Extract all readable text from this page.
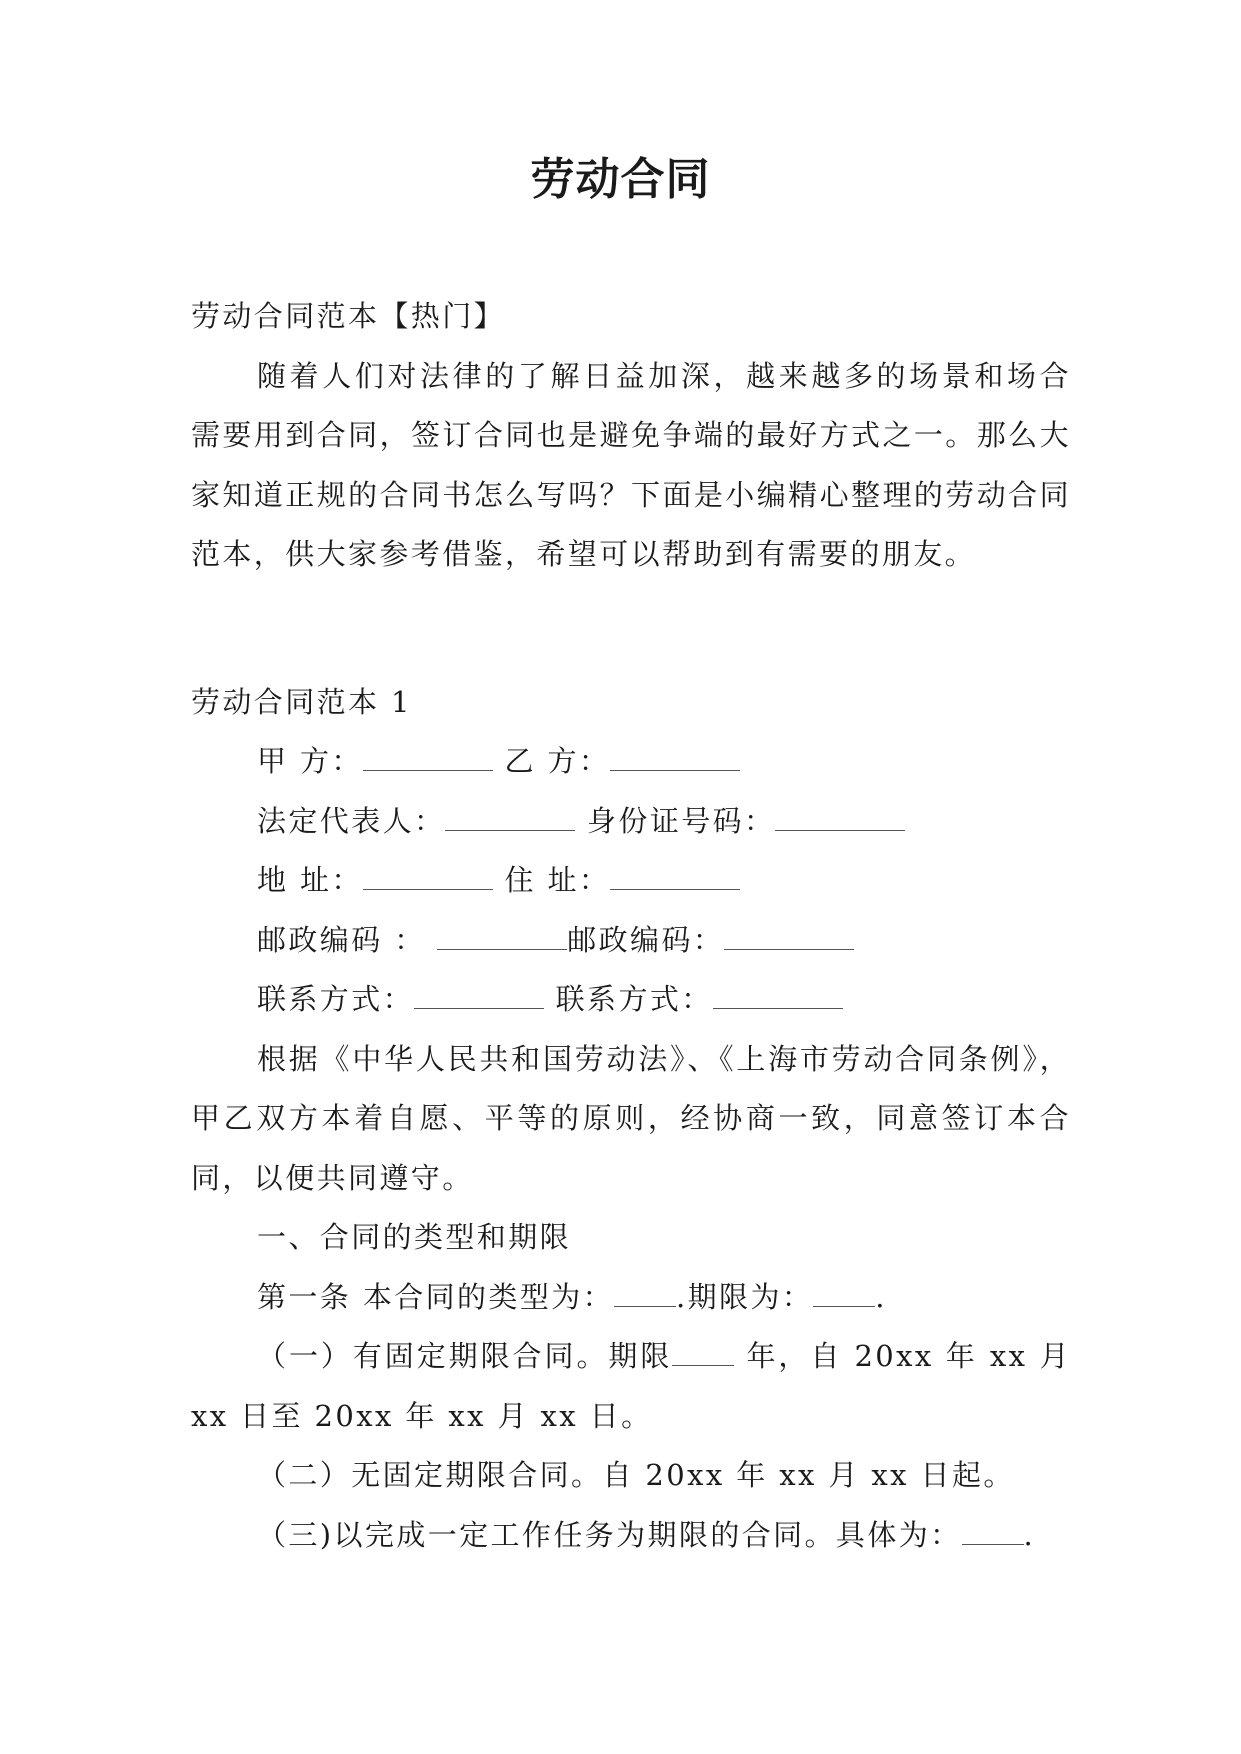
劳动合同

劳动合同范本【热门】

随着人们对法律的了解日益加深，越来越多的场景和场合需要用到合同，签订合同也是避免争端的最好方式之一。那么大家知道正规的合同书怎么写吗？下面是小编精心整理的劳动合同范本，供大家参考借鉴，希望可以帮助到有需要的朋友。

劳动合同范本 1

甲 方：	乙 方：

法定代表人：	身份证号码：

地 址：	住 址：

邮政编码 ：	邮政编码：

联系方式：	联系方式：

根据《中华人民共和国劳动法》、《上海市劳动合同条例》，甲乙双方本着自愿、平等的原则，经协商一致，同意签订本合同，以便共同遵守。

一、合同的类型和期限

第一条 本合同的类型为： .期限为： .

（一）有固定期限合同。期限 年，自 20xx 年 xx 月 xx 日至 20xx 年 xx 月 xx 日。

（二）无固定期限合同。自 20xx 年 xx 月 xx 日起。

（三)以完成一定工作任务为期限的合同。具体为： .
